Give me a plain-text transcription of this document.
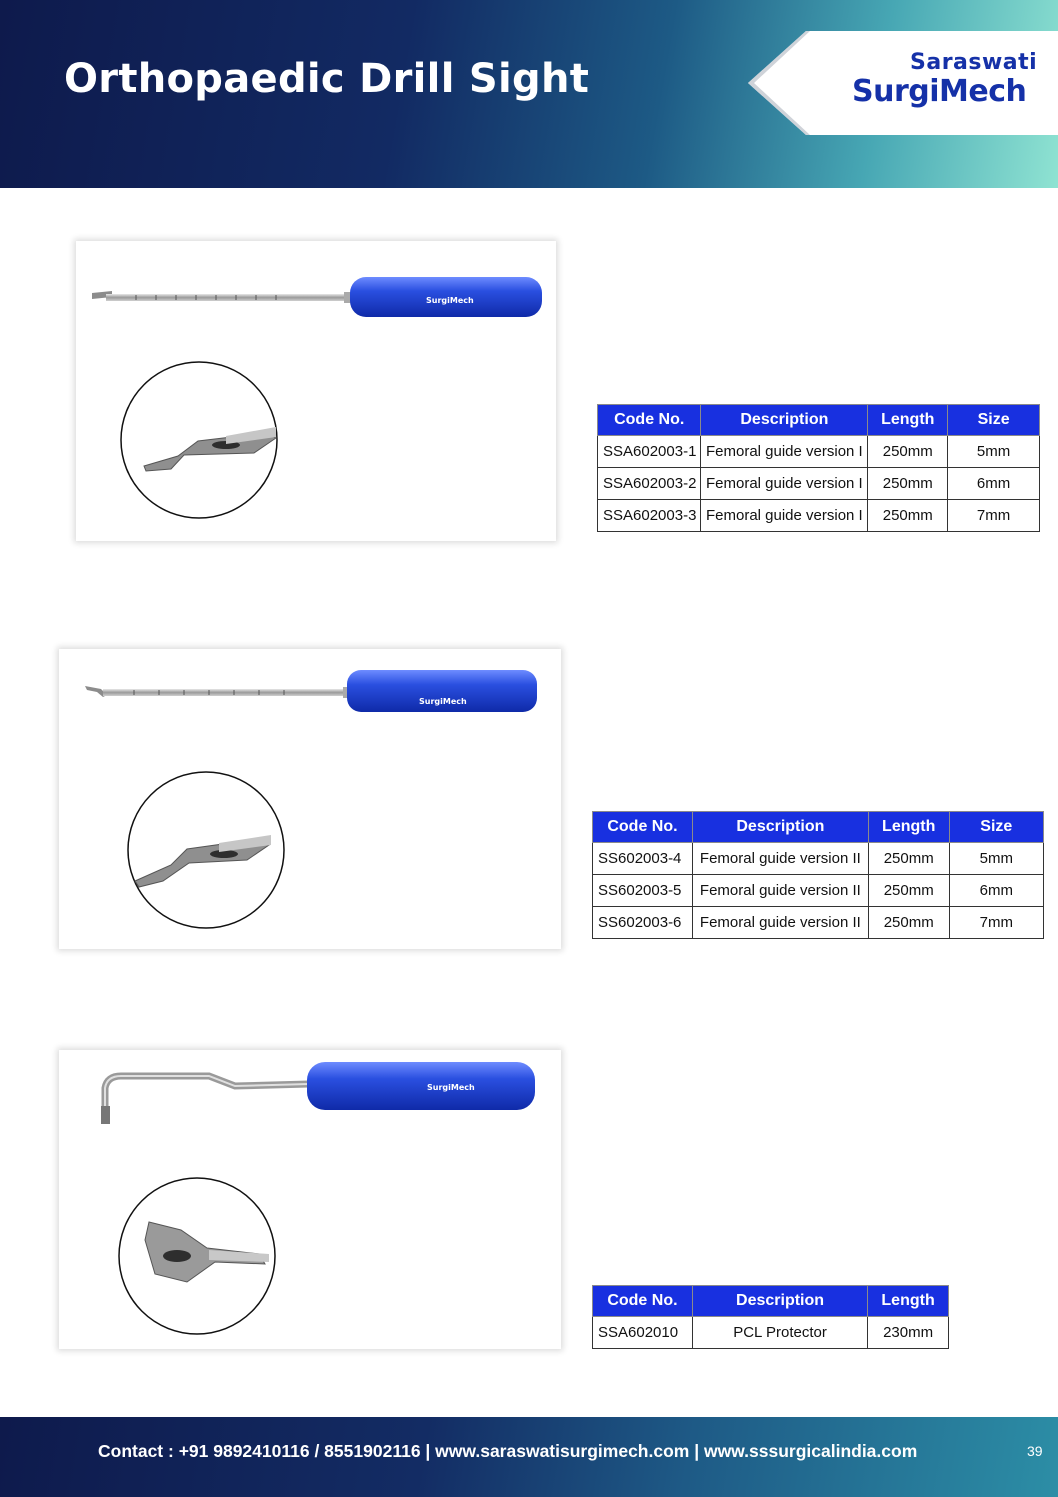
Orthopaedic Drill Sight	Saraswati
SurgiMech
SurgiMech
Code No.	Description	Length	Size
SSA602003-1	Femoral guide version I	250mm	5mm
SSA602003-2	Femoral guide version I	250mm	6mm
SSA602003-3	Femoral guide version I	250mm	7mm
SurgiMech
Code No.	Description	Length	Size
SS602003-4	Femoral guide version II	250mm	5mm
SS602003-5	Femoral guide version II	250mm	6mm
SS602003-6	Femoral guide version II	250mm	7mm
SurgiMech
Code No.	Description	Length
SSA602010	PCL Protector	230mm
Contact : +91 9892410116 / 8551902116 | www.saraswatisurgimech.com | www.sssurgicalindia.com	39
